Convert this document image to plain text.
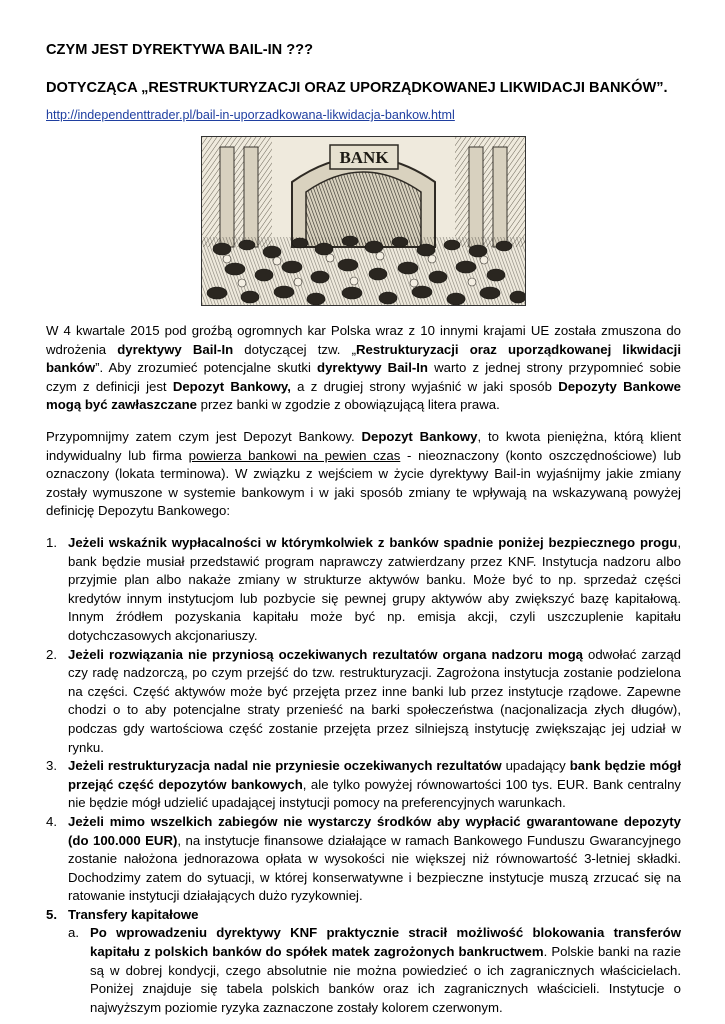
CZYM JEST DYREKTYWA BAIL-IN ???
DOTYCZĄCA „RESTRUKTURYZACJI ORAZ UPORZĄDKOWANEJ LIKWIDACJI BANKÓW”.
http://independenttrader.pl/bail-in-uporzadkowana-likwidacja-bankow.html
BANK

W 4 kwartale 2015 pod groźbą ogromnych kar Polska wraz z 10 innymi krajami UE została zmuszona do wdrożenia dyrektywy Bail-In dotyczącej tzw. „Restrukturyzacji oraz uporządkowanej likwidacji banków”. Aby zrozumieć potencjalne skutki dyrektywy Bail-In warto z jednej strony przypomnieć sobie czym z definicji jest Depozyt Bankowy, a z drugiej strony wyjaśnić w jaki sposób Depozyty Bankowe mogą być zawłaszczane przez banki w zgodzie z obowiązującą litera prawa.

Przypomnijmy zatem czym jest Depozyt Bankowy. Depozyt Bankowy, to kwota pieniężna, którą klient indywidualny lub firma powierza bankowi na pewien czas - nieoznaczony (konto oszczędnościowe) lub oznaczony (lokata terminowa). W związku z wejściem w życie dyrektywy Bail-in wyjaśnijmy jakie zmiany zostały wymuszone w systemie bankowym i w jaki sposób zmiany te wpływają na wskazywaną powyżej definicję Depozytu Bankowego:

1. Jeżeli wskaźnik wypłacalności w którymkolwiek z banków spadnie poniżej bezpiecznego progu, bank będzie musiał przedstawić program naprawczy zatwierdzany przez KNF. Instytucja nadzoru albo przyjmie plan albo nakaże zmiany w strukturze aktywów banku. Może być to np. sprzedaż części kredytów innym instytucjom lub pozbycie się pewnej grupy aktywów aby zwiększyć bazę kapitałową. Innym źródłem pozyskania kapitału może być np. emisja akcji, czyli uszczuplenie kapitału dotychczasowych akcjonariuszy.
2. Jeżeli rozwiązania nie przyniosą oczekiwanych rezultatów organa nadzoru mogą odwołać zarząd czy radę nadzorczą, po czym przejść do tzw. restrukturyzacji. Zagrożona instytucja zostanie podzielona na części. Część aktywów może być przejęta przez inne banki lub przez instytucje rządowe. Zapewne chodzi o to aby potencjalne straty przenieść na barki społeczeństwa (nacjonalizacja złych długów), podczas gdy wartościowa część zostanie przejęta przez silniejszą instytucję zwiększając jej udział w rynku.
3. Jeżeli restrukturyzacja nadal nie przyniesie oczekiwanych rezultatów upadający bank będzie mógł przejąć część depozytów bankowych, ale tylko powyżej równowartości 100 tys. EUR. Bank centralny nie będzie mógł udzielić upadającej instytucji pomocy na preferencyjnych warunkach.
4. Jeżeli mimo wszelkich zabiegów nie wystarczy środków aby wypłacić gwarantowane depozyty (do 100.000 EUR), na instytucje finansowe działające w ramach Bankowego Funduszu Gwarancyjnego zostanie nałożona jednorazowa opłata w wysokości nie większej niż równowartość 3-letniej składki. Dochodzimy zatem do sytuacji, w której konserwatywne i bezpieczne instytucje muszą zrzucać się na ratowanie instytucji działających dużo ryzykowniej.
5. Transfery kapitałowe
a. Po wprowadzeniu dyrektywy KNF praktycznie stracił możliwość blokowania transferów kapitału z polskich banków do spółek matek zagrożonych bankructwem. Polskie banki na razie są w dobrej kondycji, czego absolutnie nie można powiedzieć o ich zagranicznych właścicielach. Poniżej znajduje się tabela polskich banków oraz ich zagranicznych właścicieli. Instytucje o najwyższym poziomie ryzyka zaznaczone zostały kolorem czerwonym.
